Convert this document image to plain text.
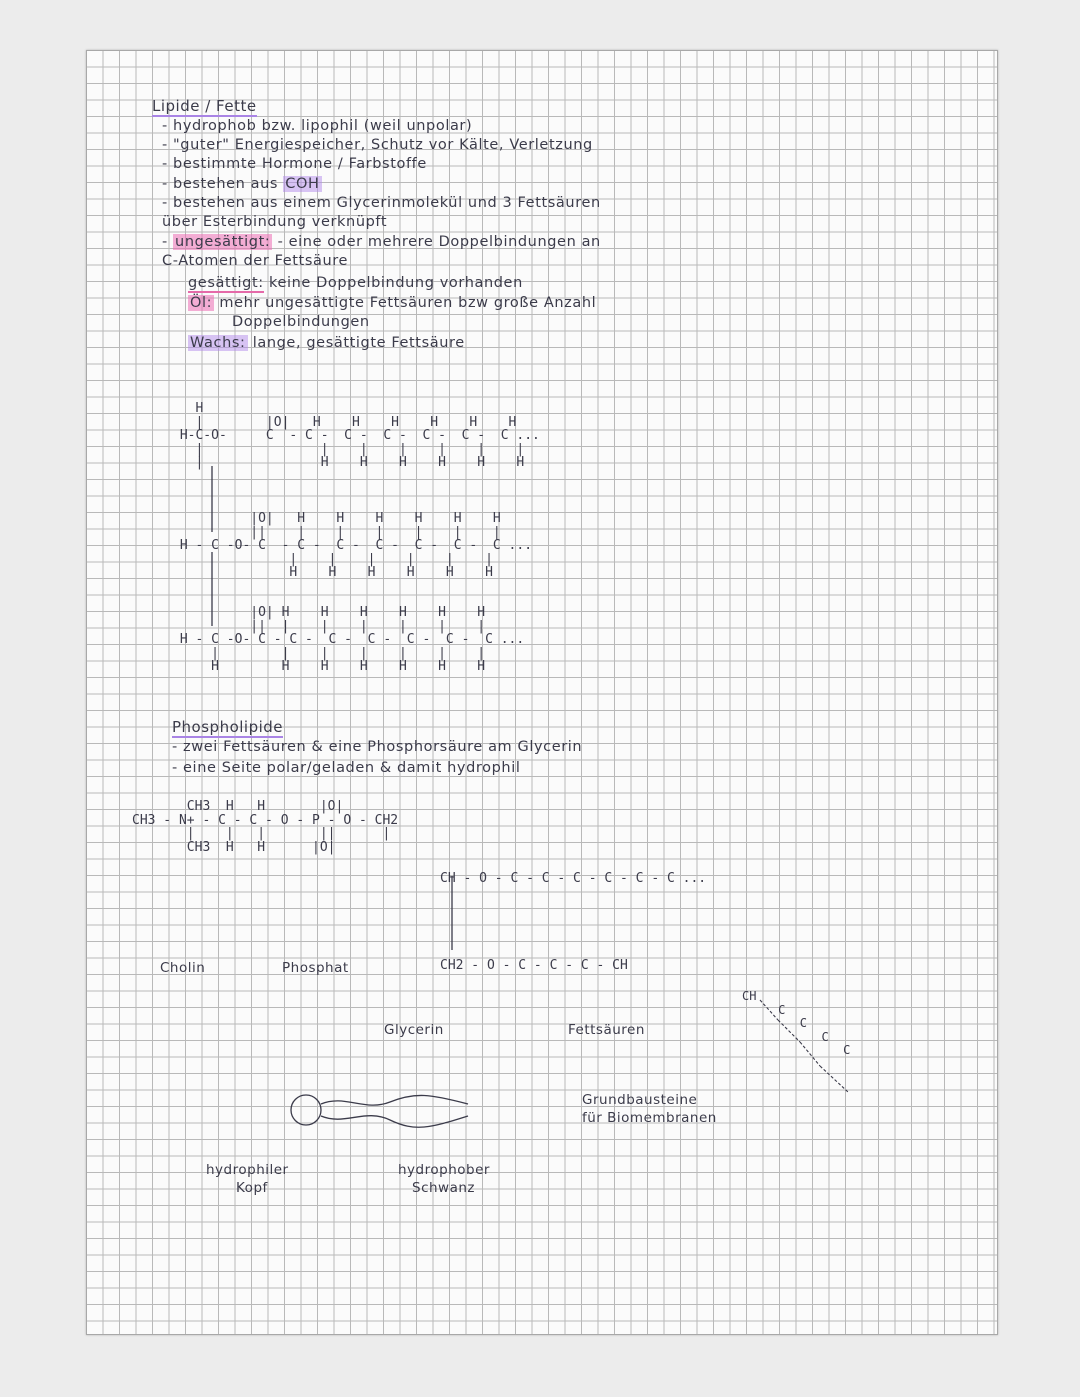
Lipide / Fette
- hydrophob bzw. lipophil (weil unpolar)
- "guter" Energiespeicher, Schutz vor Kälte, Verletzung
- bestimmte Hormone / Farbstoffe
- bestehen aus COH
- bestehen aus einem Glycerinmolekül und 3 Fettsäuren
über Esterbindung verknüpft
- ungesättigt: - eine oder mehrere Doppelbindungen an
C-Atomen der Fettsäure
gesättigt: keine Doppelbindung vorhanden
Öl: mehr ungesättigte Fettsäuren bzw große Anzahl
Doppelbindungen
Wachs: lange, gesättigte Fettsäure
H
|        |O|   H    H    H    H    H    H
H-C-O-     C  - C -  C -  C -  C -  C -  C ...
|               |    |    |    |    |    |
|               H    H    H    H    H    H
|O|   H    H    H    H    H    H
||    |    |    |    |    |    |
H - C -O- C  - C -  C -  C -  C -  C -  C ...
|    |    |    |    |    |
H    H    H    H    H    H
|O| H    H    H    H    H    H
||  |    |    |    |    |    |
H - C -O- C - C -  C -  C -  C -  C -  C ...
|        |    |    |    |    |    |
H        H    H    H    H    H    H
Phospholipide
- zwei Fettsäuren & eine Phosphorsäure am Glycerin
- eine Seite polar/geladen & damit hydrophil
CH3  H   H       |O|
CH3 - N+ - C - C - O - P - O - CH2
|    |   |       ||      |
CH3  H   H      |O|
CH - O - C - C - C - C - C - C ...
CH2 - O - C - C - C - CH
Cholin	Phosphat
Glycerin	Fettsäuren
Grundbausteine
für Biomembranen
CH
C
C
C
C
hydrophiler
Kopf
hydrophober
Schwanz
